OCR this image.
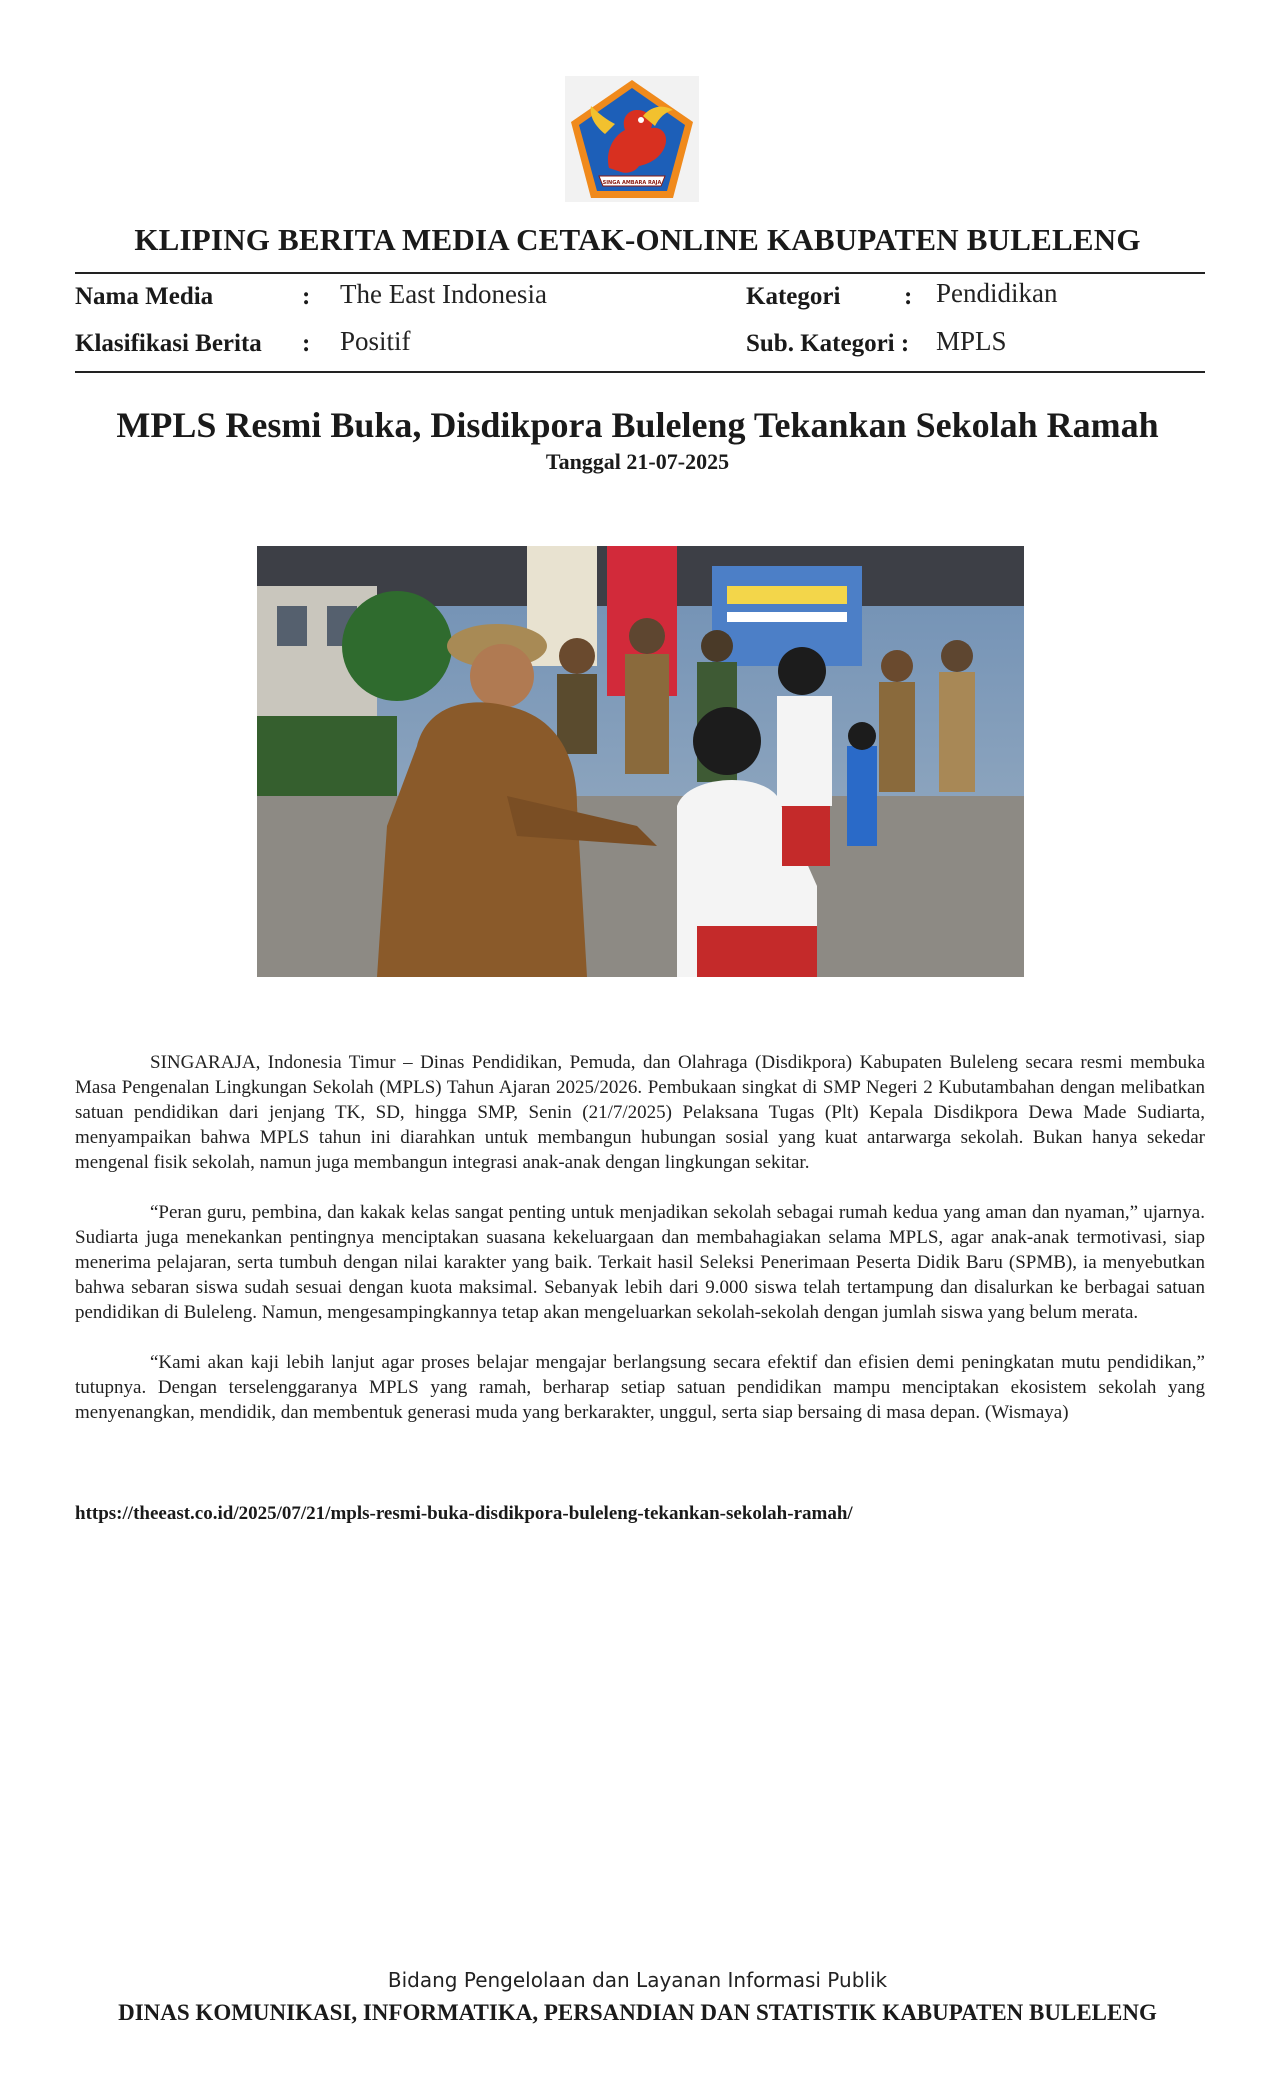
SINGA AMBARA RAJA
KLIPING BERITA MEDIA CETAK-ONLINE KABUPATEN BULELENG
Nama Media	: The East Indonesia
Klasifikasi Berita : Positif
Kategori	: Pendidikan
Sub. Kategori : MPLS
MPLS Resmi Buka, Disdikpora Buleleng Tekankan Sekolah Ramah
Tanggal 21-07-2025

SINGARAJA, Indonesia Timur – Dinas Pendidikan, Pemuda, dan Olahraga (Disdikpora) Kabupaten Buleleng secara resmi membuka Masa Pengenalan Lingkungan Sekolah (MPLS) Tahun Ajaran 2025/2026. Pembukaan singkat di SMP Negeri 2 Kubutambahan dengan melibatkan satuan pendidikan dari jenjang TK, SD, hingga SMP, Senin (21/7/2025) Pelaksana Tugas (Plt) Kepala Disdikpora Dewa Made Sudiarta, menyampaikan bahwa MPLS tahun ini diarahkan untuk membangun hubungan sosial yang kuat antarwarga sekolah. Bukan hanya sekedar mengenal fisik sekolah, namun juga membangun integrasi anak-anak dengan lingkungan sekitar.

“Peran guru, pembina, dan kakak kelas sangat penting untuk menjadikan sekolah sebagai rumah kedua yang aman dan nyaman,” ujarnya. Sudiarta juga menekankan pentingnya menciptakan suasana kekeluargaan dan membahagiakan selama MPLS, agar anak-anak termotivasi, siap menerima pelajaran, serta tumbuh dengan nilai karakter yang baik. Terkait hasil Seleksi Penerimaan Peserta Didik Baru (SPMB), ia menyebutkan bahwa sebaran siswa sudah sesuai dengan kuota maksimal. Sebanyak lebih dari 9.000 siswa telah tertampung dan disalurkan ke berbagai satuan pendidikan di Buleleng. Namun, mengesampingkannya tetap akan mengeluarkan sekolah-sekolah dengan jumlah siswa yang belum merata.

“Kami akan kaji lebih lanjut agar proses belajar mengajar berlangsung secara efektif dan efisien demi peningkatan mutu pendidikan,” tutupnya. Dengan terselenggaranya MPLS yang ramah, berharap setiap satuan pendidikan mampu menciptakan ekosistem sekolah yang menyenangkan, mendidik, dan membentuk generasi muda yang berkarakter, unggul, serta siap bersaing di masa depan. (Wismaya)

https://theeast.co.id/2025/07/21/mpls-resmi-buka-disdikpora-buleleng-tekankan-sekolah-ramah/
Bidang Pengelolaan dan Layanan Informasi Publik
DINAS KOMUNIKASI, INFORMATIKA, PERSANDIAN DAN STATISTIK KABUPATEN BULELENG
